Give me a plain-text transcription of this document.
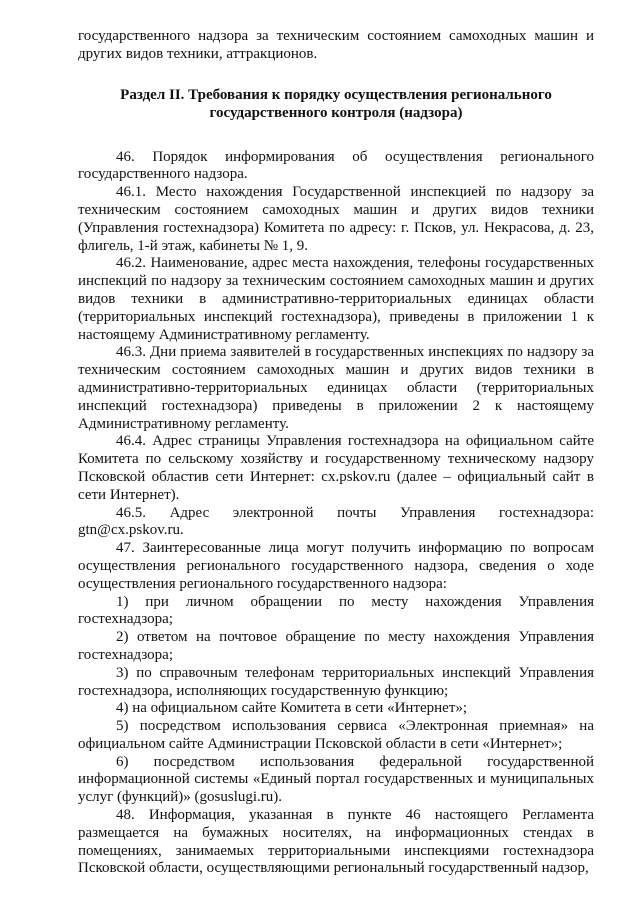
государственного надзора за техническим состоянием самоходных машин и других видов техники, аттракционов.

Раздел II. Требования к порядку осуществления регионального
государственного контроля (надзора)

46. Порядок информирования об осуществления регионального государственного надзора.

46.1. Место нахождения Государственной инспекцией по надзору за техническим состоянием самоходных машин и других видов техники (Управления гостехнадзора) Комитета по адресу: г. Псков, ул. Некрасова, д. 23, флигель, 1-й этаж, кабинеты № 1, 9.

46.2. Наименование, адрес места нахождения, телефоны государственных инспекций по надзору за техническим состоянием самоходных машин и других видов техники в административно-территориальных единицах области (территориальных инспекций гостехнадзора), приведены в приложении 1 к настоящему Административному регламенту.

46.3. Дни приема заявителей в государственных инспекциях по надзору за техническим состоянием самоходных машин и других видов техники в административно-территориальных единицах области (территориальных инспекций гостехнадзора) приведены в приложении 2 к настоящему Административному регламенту.

46.4. Адрес страницы Управления гостехнадзора на официальном сайте Комитета по сельскому хозяйству и государственному техническому надзору Псковской областив сети Интернет: cx.pskov.ru (далее – официальный сайт в сети Интернет).

46.5. Адрес электронной почты Управления гостехнадзора: gtn@cx.pskov.ru.

47. Заинтересованные лица могут получить информацию по вопросам осуществления регионального государственного надзора, сведения о ходе осуществления регионального государственного надзора:

1) при личном обращении по месту нахождения Управления гостехнадзора;

2) ответом на почтовое обращение по месту нахождения Управления гостехнадзора;

3) по справочным телефонам территориальных инспекций Управления гостехнадзора, исполняющих государственную функцию;

4) на официальном сайте Комитета в сети «Интернет»;

5) посредством использования сервиса «Электронная приемная» на официальном сайте Администрации Псковской области в сети «Интернет»;

6) посредством использования федеральной государственной информационной системы «Единый портал государственных и муниципальных услуг (функций)» (gosuslugi.ru).

48. Информация, указанная в пункте 46 настоящего Регламента размещается на бумажных носителях, на информационных стендах в помещениях, занимаемых территориальными инспекциями гостехнадзора Псковской области, осуществляющими региональный государственный надзор,
